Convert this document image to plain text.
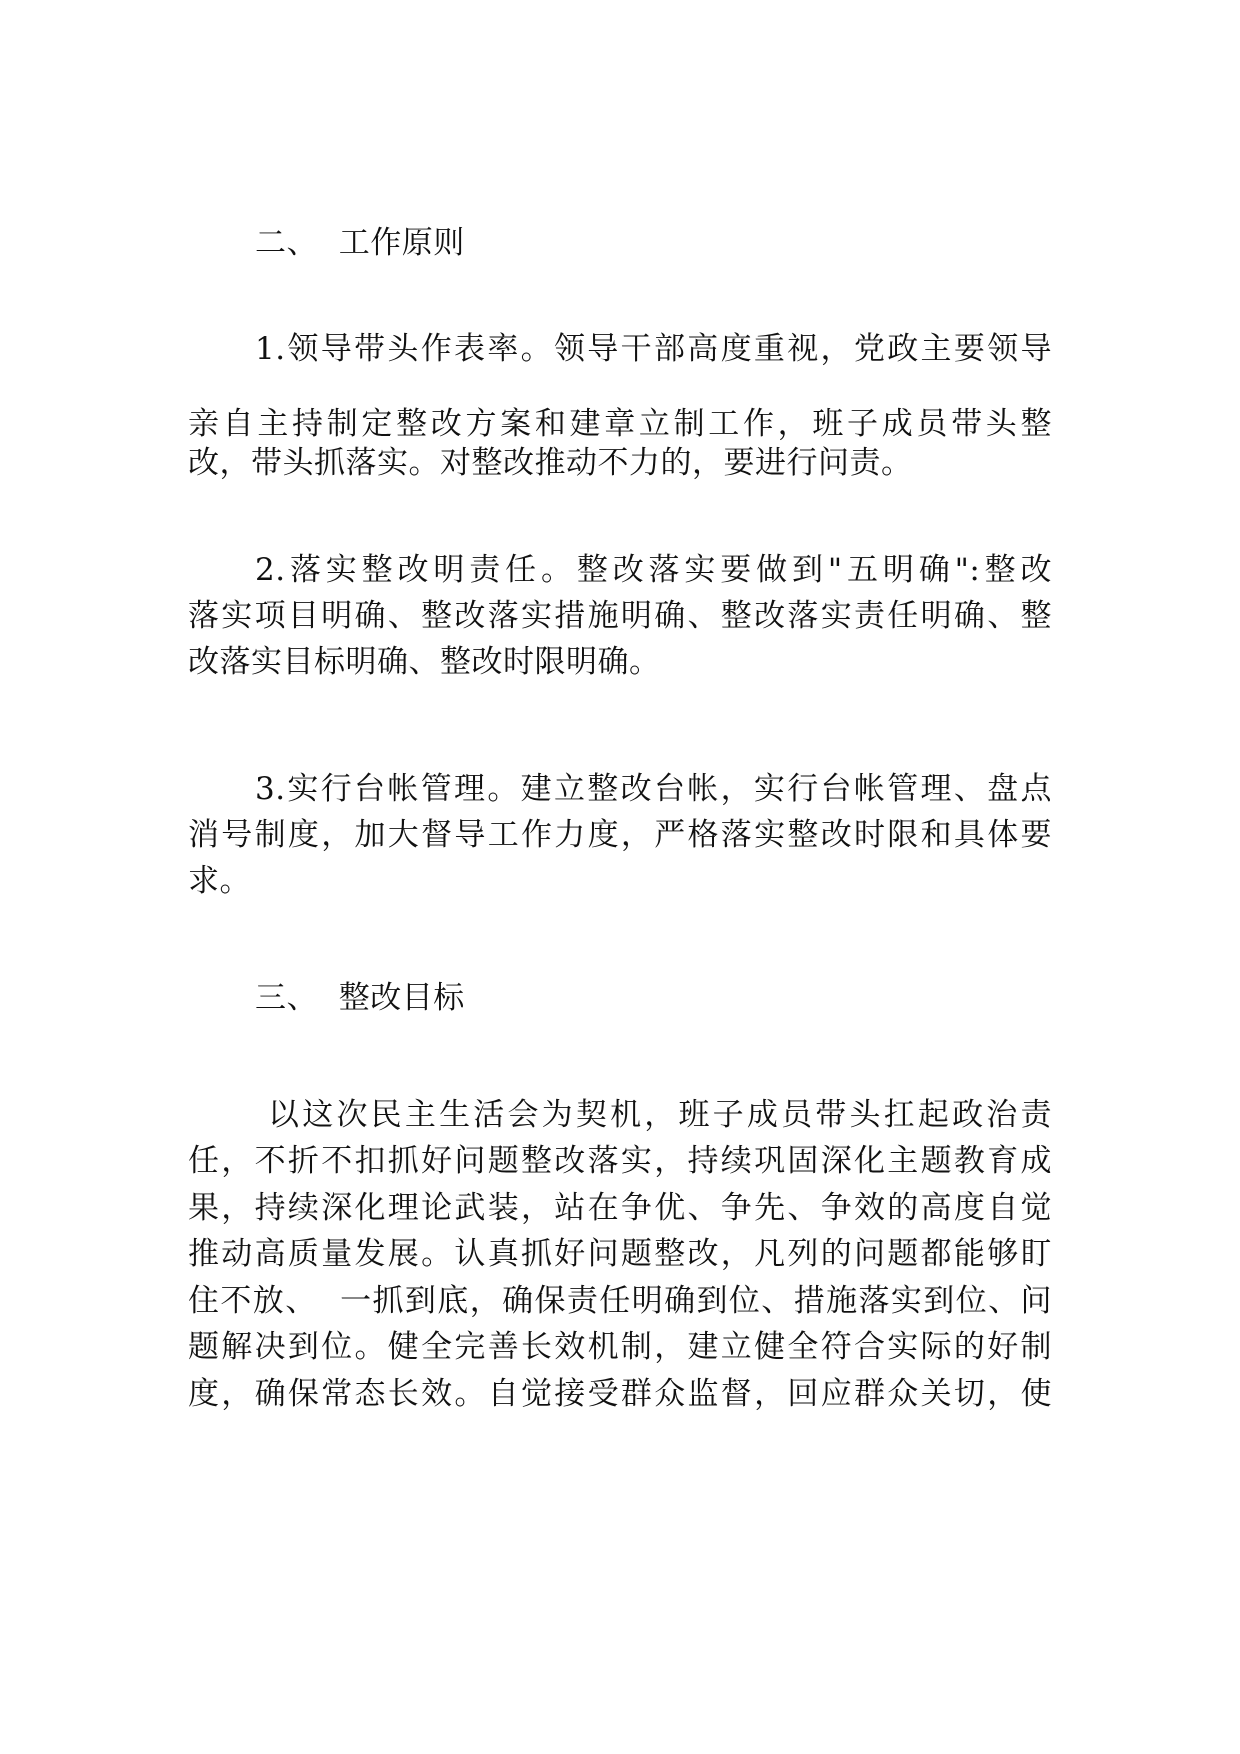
二、  工作原则
1.领导带头作表率。领导干部高度重视，党政主要领导
亲自主持制定整改方案和建章立制工作，班子成员带头整
改，带头抓落实。对整改推动不力的，要进行问责。
2.落实整改明责任。整改落实要做到"五明确":整改
落实项目明确、整改落实措施明确、整改落实责任明确、整
改落实目标明确、整改时限明确。
3.实行台帐管理。建立整改台帐，实行台帐管理、盘点
消号制度，加大督导工作力度，严格落实整改时限和具体要
求。
三、  整改目标
以这次民主生活会为契机，班子成员带头扛起政治责
任，不折不扣抓好问题整改落实，持续巩固深化主题教育成
果，持续深化理论武装，站在争优、争先、争效的高度自觉
推动高质量发展。认真抓好问题整改，凡列的问题都能够盯
住不放、  一抓到底，确保责任明确到位、措施落实到位、问
题解决到位。健全完善长效机制，建立健全符合实际的好制
度，确保常态长效。自觉接受群众监督，回应群众关切，使
